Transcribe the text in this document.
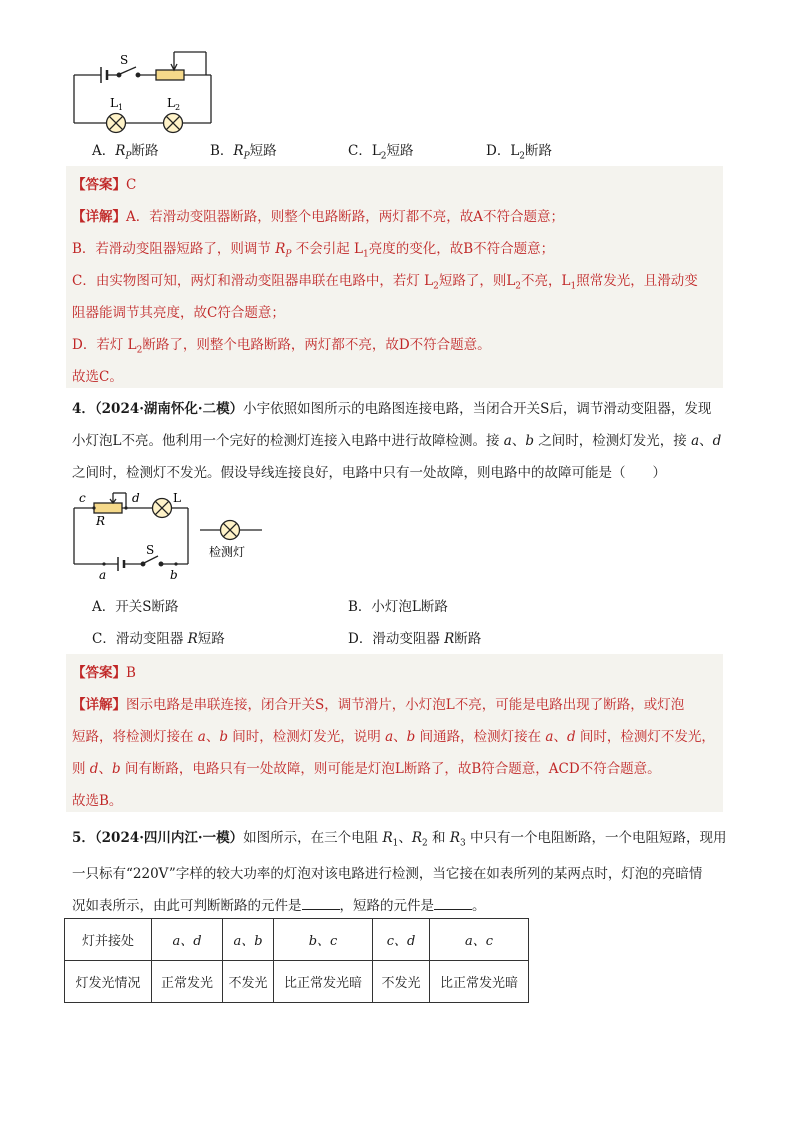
S
$L_1$	$L_2$
A．$R_P$断路	B．$R_P$短路	C．$L_2$短路	D．$L_2$断路
【答案】C
【详解】A．若滑动变阻器断路，则整个电路断路，两灯都不亮，故A不符合题意；
B．若滑动变阻器短路了，则调节 $R_P$ 不会引起 $L_1$亮度的变化，故B不符合题意；
C．由实物图可知，两灯和滑动变阻器串联在电路中，若灯 $L_2$短路了，则$L_2$不亮，$L_1$照常发光，且滑动变
阻器能调节其亮度，故C符合题意；
D．若灯 $L_2$断路了，则整个电路断路，两灯都不亮，故D不符合题意。
故选C。
4．（2024·湖南怀化·二模）小宇依照如图所示的电路图连接电路，当闭合开关S后，调节滑动变阻器，发现
小灯泡L不亮。他利用一个完好的检测灯连接入电路中进行故障检测。接 a、b 之间时，检测灯发光，接 a、d
之间时，检测灯不发光。假设导线连接良好，电路中只有一处故障，则电路中的故障可能是（　　）
c	d	L
R
S
a	b
检测灯
A．开关S断路	B．小灯泡L断路
C．滑动变阻器 R短路	D．滑动变阻器 R断路
【答案】B
【详解】图示电路是串联连接，闭合开关S，调节滑片，小灯泡L不亮，可能是电路出现了断路，或灯泡
短路，将检测灯接在 a、b 间时，检测灯发光，说明 a、b 间通路，检测灯接在 a、d 间时，检测灯不发光，
则 d、b 间有断路，电路只有一处故障，则可能是灯泡L断路了，故B符合题意，ACD不符合题意。
故选B。
5．（2024·四川内江·一模）如图所示，在三个电阻 $R_1$、$R_2$ 和 $R_3$ 中只有一个电阻断路，一个电阻短路，现用
一只标有“220V”字样的较大功率的灯泡对该电路进行检测，当它接在如表所列的某两点时，灯泡的亮暗情
况如表所示，由此可判断断路的元件是	，短路的元件是	。
灯并接处	a、d	a、b	b、c	c、d	a、c
灯发光情况	正常发光	不发光	比正常发光暗	不发光	比正常发光暗
